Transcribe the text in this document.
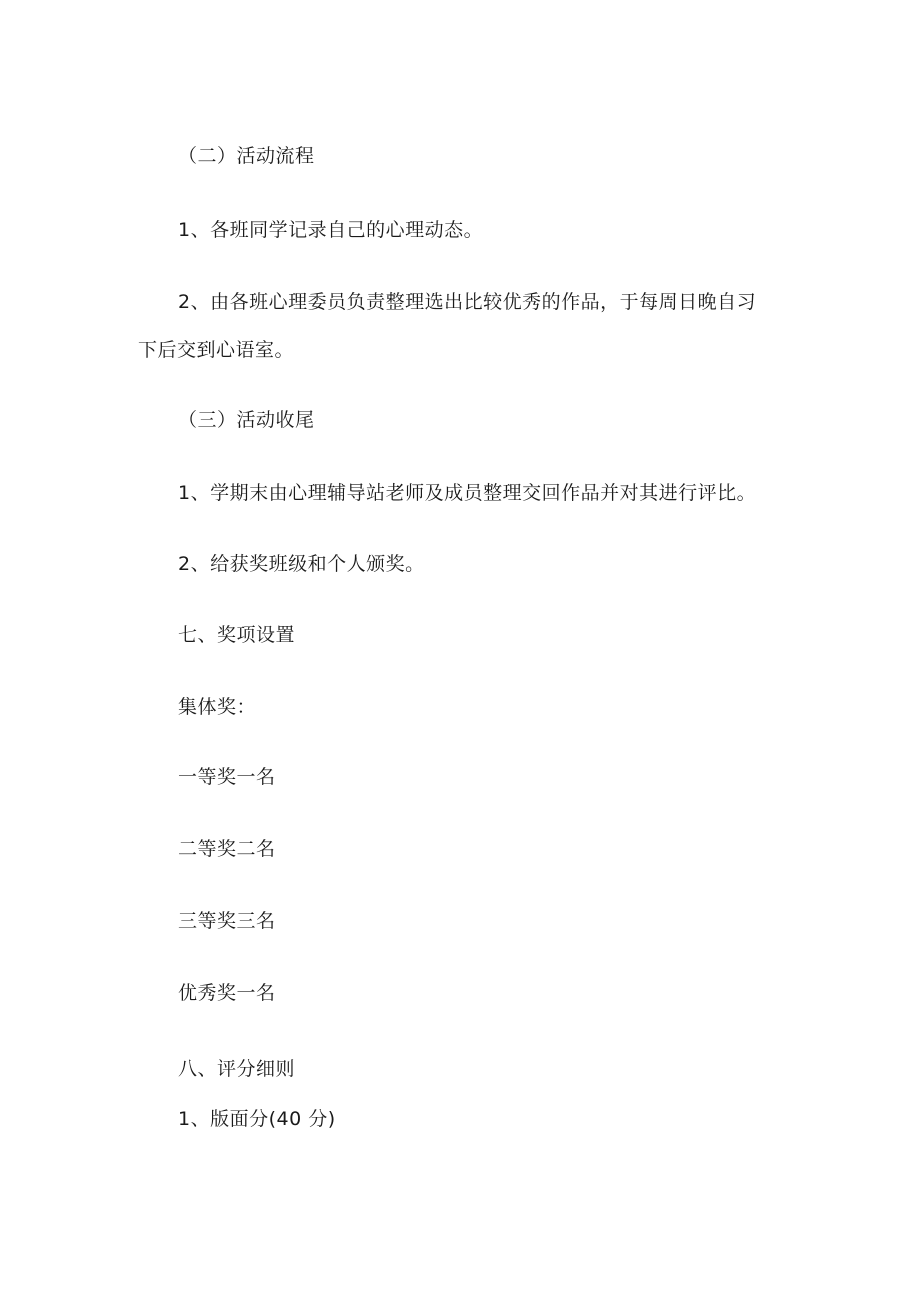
（二）活动流程
1、各班同学记录自己的心理动态。
2、由各班心理委员负责整理选出比较优秀的作品，于每周日晚自习
下后交到心语室。
（三）活动收尾
1、学期末由心理辅导站老师及成员整理交回作品并对其进行评比。
2、给获奖班级和个人颁奖。
七、奖项设置
集体奖：
一等奖一名
二等奖二名
三等奖三名
优秀奖一名
八、评分细则
1、版面分(40 分)
